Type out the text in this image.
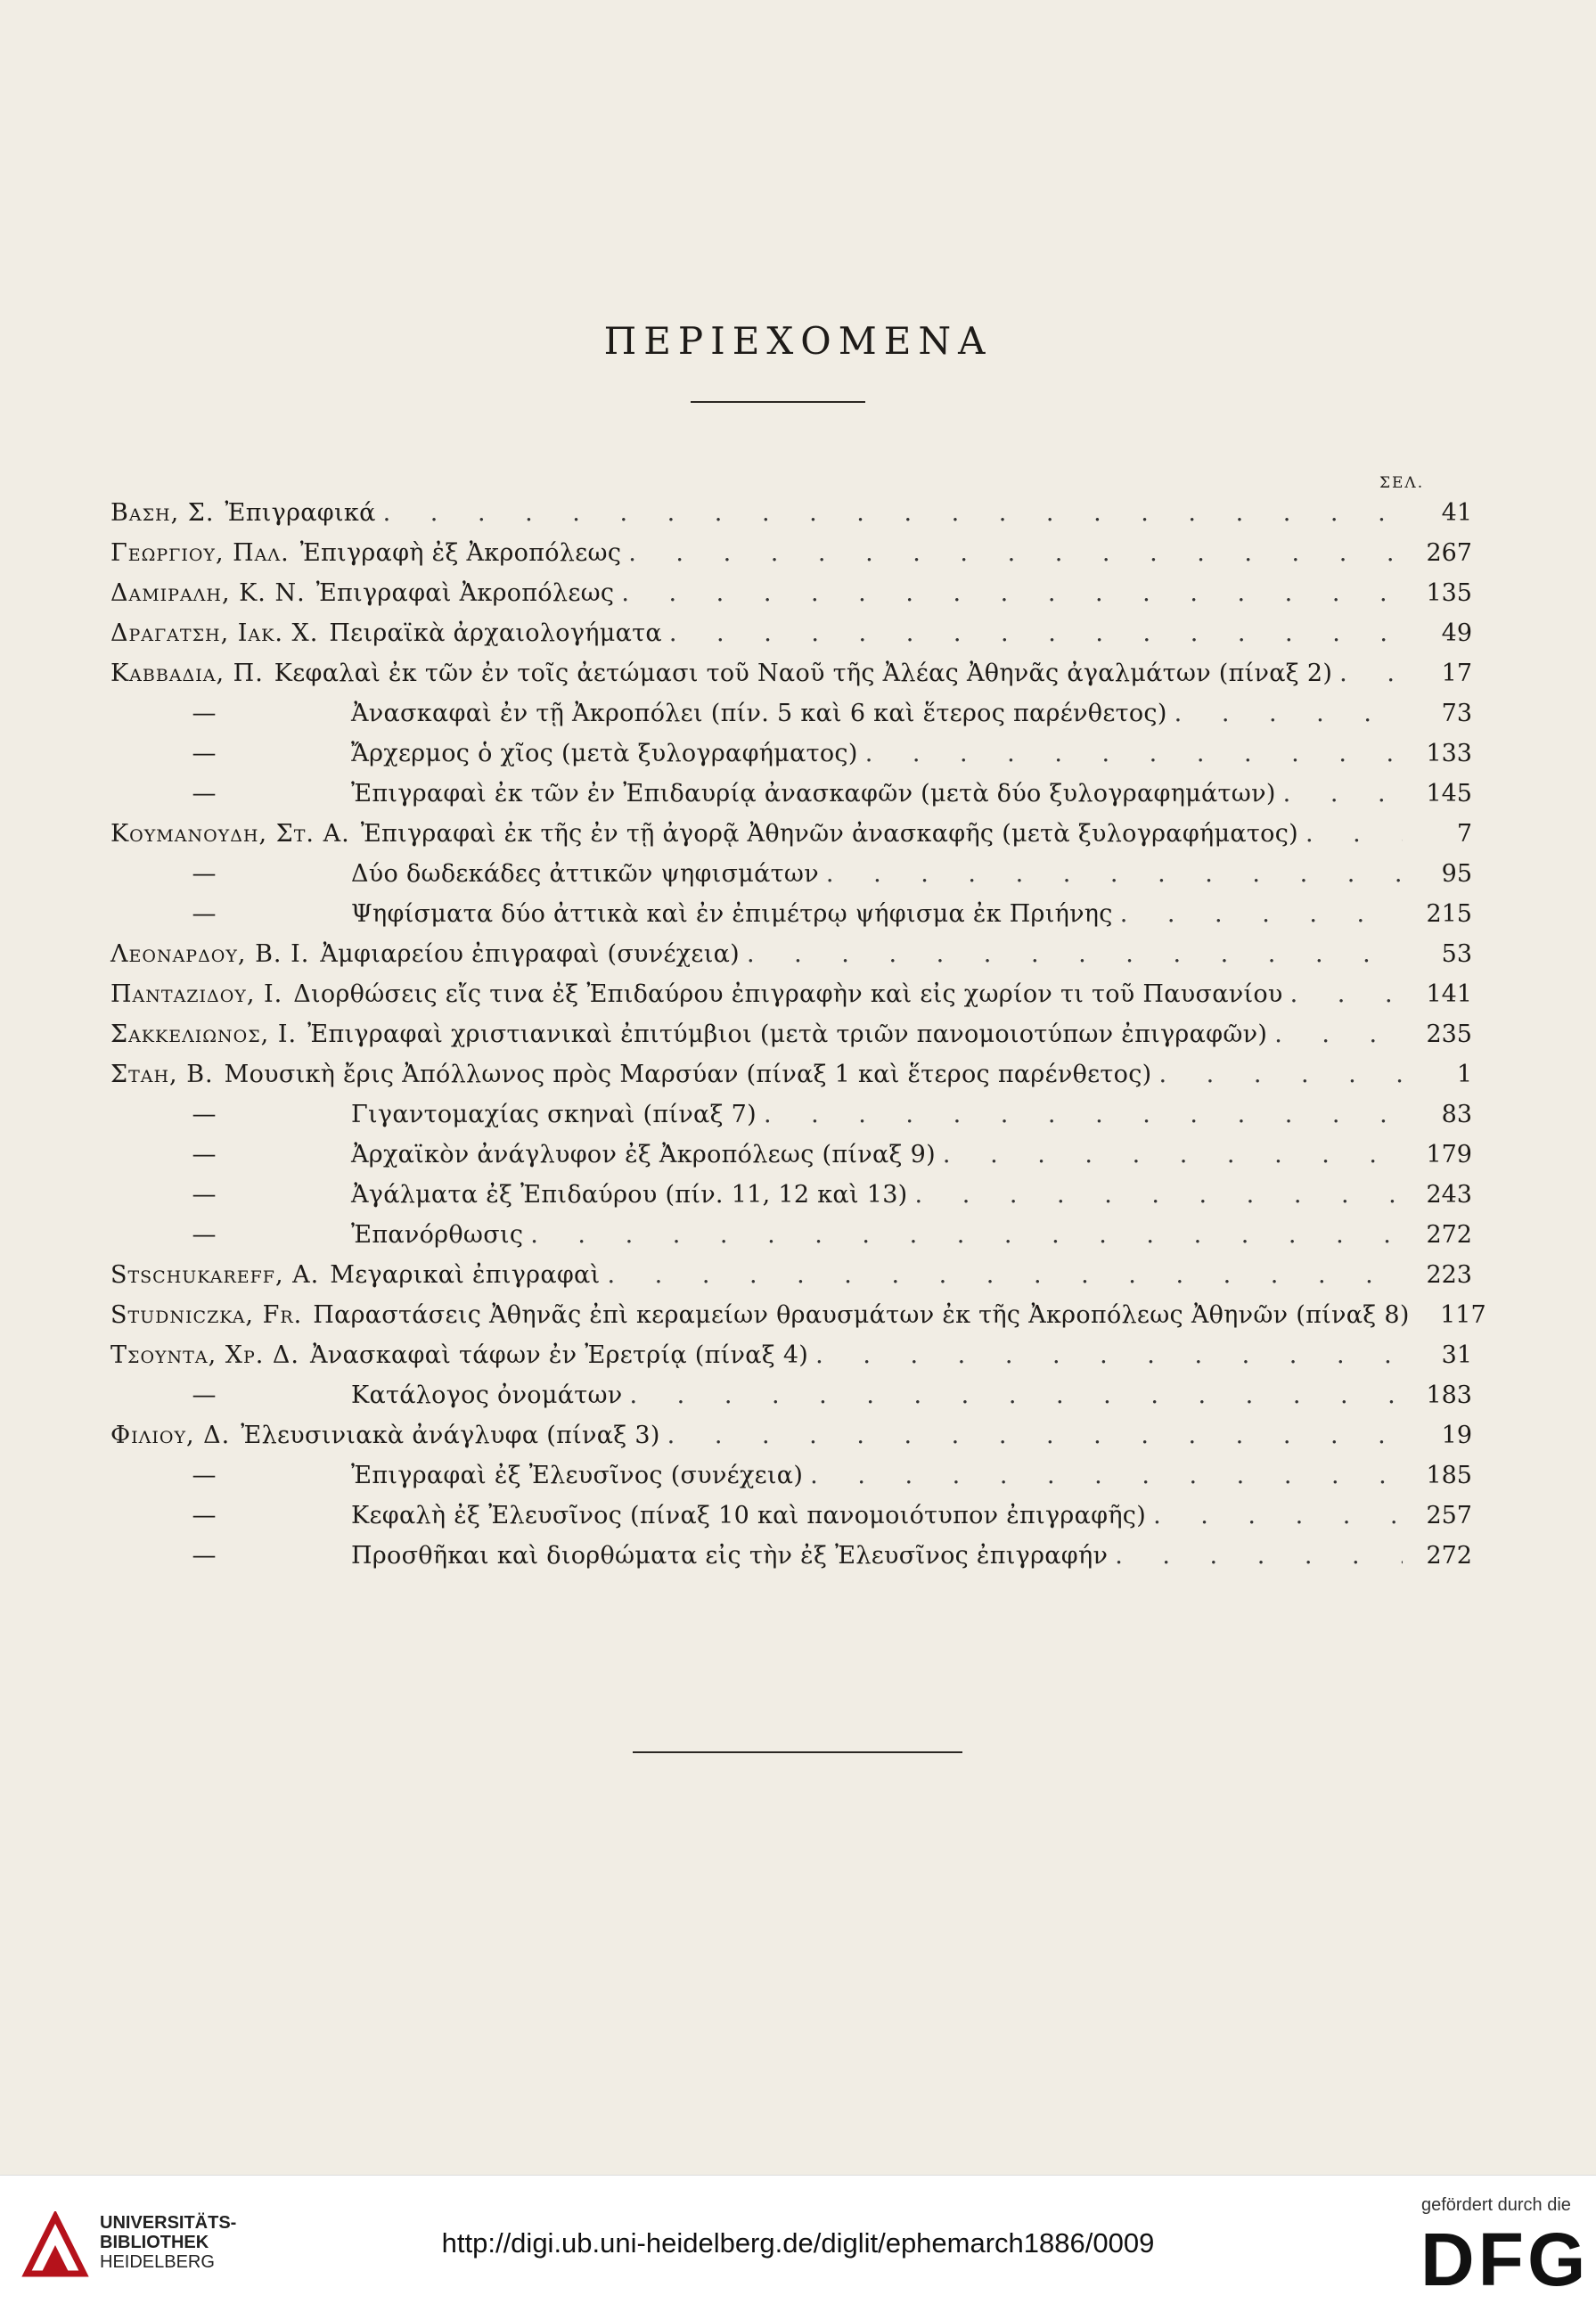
ΠΕΡΙΕΧΟΜΕΝΑ
ΣΕΛ.
Βαση, Σ. Ἐπιγραφικά . . .	41
Γεωργιου, Παλ. Ἐπιγραφὴ ἐξ Ἀκροπόλεως . . .	267
Δαμιραλη, Κ. Ν. Ἐπιγραφαὶ Ἀκροπόλεως . . .	135
Δραγατση, Ιακ. Χ. Πειραϊκὰ ἀρχαιολογήματα . . .	49
Καββαδια, Π. Κεφαλαὶ ἐκ τῶν ἐν τοῖς ἀετώμασι τοῦ Ναοῦ τῆς Ἀλέας Ἀθηνᾶς ἀγαλμάτων (πίναξ 2) . . .	17
—	Ἀνασκαφαὶ ἐν τῇ Ἀκροπόλει (πίν. 5 καὶ 6 καὶ ἕτερος παρένθετος) . . .	73
—	Ἄρχερμος ὁ χῖος (μετὰ ξυλογραφήματος) . . .	133
—	Ἐπιγραφαὶ ἐκ τῶν ἐν Ἐπιδαυρίᾳ ἀνασκαφῶν (μετὰ δύο ξυλογραφημάτων) . . .	145
Κουμανουδη, Στ. Α. Ἐπιγραφαὶ ἐκ τῆς ἐν τῇ ἀγορᾷ Ἀθηνῶν ἀνασκαφῆς (μετὰ ξυλογραφήματος) . . .	7
—	Δύο δωδεκάδες ἀττικῶν ψηφισμάτων . . .	95
—	Ψηφίσματα δύο ἀττικὰ καὶ ἐν ἐπιμέτρῳ ψήφισμα ἐκ Πριήνης . . .	215
Λεοναρδου, Β. Ι. Ἀμφιαρείου ἐπιγραφαὶ (συνέχεια) . . .	53
Πανταζιδου, Ι. Διορθώσεις εἴς τινα ἐξ Ἐπιδαύρου ἐπιγραφὴν καὶ εἰς χωρίον τι τοῦ Παυσανίου . . .	141
Σακκελιωνος, Ι. Ἐπιγραφαὶ χριστιανικαὶ ἐπιτύμβιοι (μετὰ τριῶν πανομοιοτύπων ἐπιγραφῶν) . . .	235
Σταη, Β. Μουσικὴ ἔρις Ἀπόλλωνος πρὸς Μαρσύαν (πίναξ 1 καὶ ἕτερος παρένθετος) . . .	1
—	Γιγαντομαχίας σκηναὶ (πίναξ 7) . . .	83
—	Ἀρχαϊκὸν ἀνάγλυφον ἐξ Ἀκροπόλεως (πίναξ 9) . . .	179
—	Ἀγάλματα ἐξ Ἐπιδαύρου (πίν. 11, 12 καὶ 13) . . .	243
—	Ἐπανόρθωσις . . .	272
Stschukareff, Α. Μεγαρικαὶ ἐπιγραφαὶ . . .	223
Studniczka, Fr. Παραστάσεις Ἀθηνᾶς ἐπὶ κεραμείων θραυσμάτων ἐκ τῆς Ἀκροπόλεως Ἀθηνῶν (πίναξ 8)	117
Τσουντα, Χρ. Δ. Ἀνασκαφαὶ τάφων ἐν Ἐρετρίᾳ (πίναξ 4) . . .	31
—	Κατάλογος ὀνομάτων . . .	183
Φιλιου, Δ. Ἐλευσινιακὰ ἀνάγλυφα (πίναξ 3) . . .	19
—	Ἐπιγραφαὶ ἐξ Ἐλευσῖνος (συνέχεια) . . .	185
—	Κεφαλὴ ἐξ Ἐλευσῖνος (πίναξ 10 καὶ πανομοιότυπον ἐπιγραφῆς) . . .	257
—	Προσθῆκαι καὶ διορθώματα εἰς τὴν ἐξ Ἐλευσῖνος ἐπιγραφήν . . .	272
UNIVERSITÄTS-
BIBLIOTHEK
HEIDELBERG
http://digi.ub.uni-heidelberg.de/diglit/ephemarch1886/0009
gefördert durch die
DFG
